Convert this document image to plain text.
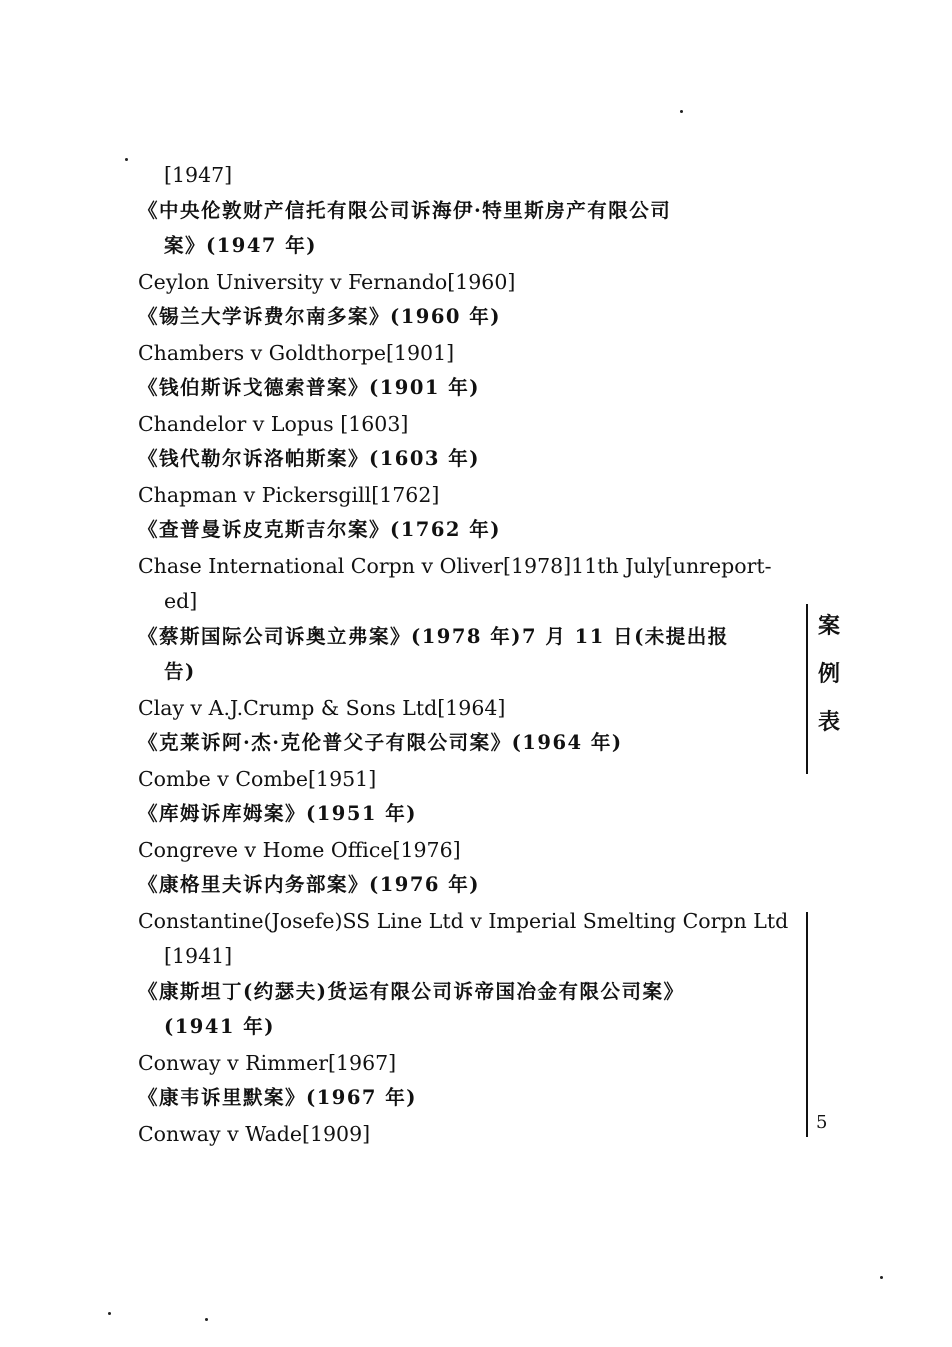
[1947]
《中央伦敦财产信托有限公司诉海伊·特里斯房产有限公司
案》(1947 年)
Ceylon University v Fernando[1960]
《锡兰大学诉费尔南多案》(1960 年)
Chambers v Goldthorpe[1901]
《钱伯斯诉戈德索普案》(1901 年)
Chandelor v Lopus [1603]
《钱代勒尔诉洛帕斯案》(1603 年)
Chapman v Pickersgill[1762]
《查普曼诉皮克斯吉尔案》(1762 年)
Chase International Corpn v Oliver[1978]11th July[unreport-
ed]
《蔡斯国际公司诉奥立弗案》(1978 年)7 月 11 日(未提出报
告)
Clay v A.J.Crump & Sons Ltd[1964]
《克莱诉阿·杰·克伦普父子有限公司案》(1964 年)
Combe v Combe[1951]
《库姆诉库姆案》(1951 年)
Congreve v Home Office[1976]
《康格里夫诉内务部案》(1976 年)
Constantine(Josefe)SS Line Ltd v Imperial Smelting Corpn Ltd
[1941]
《康斯坦丁(约瑟夫)货运有限公司诉帝国冶金有限公司案》
(1941 年)
Conway v Rimmer[1967]
《康韦诉里默案》(1967 年)
Conway v Wade[1909]
案
例
表
5
